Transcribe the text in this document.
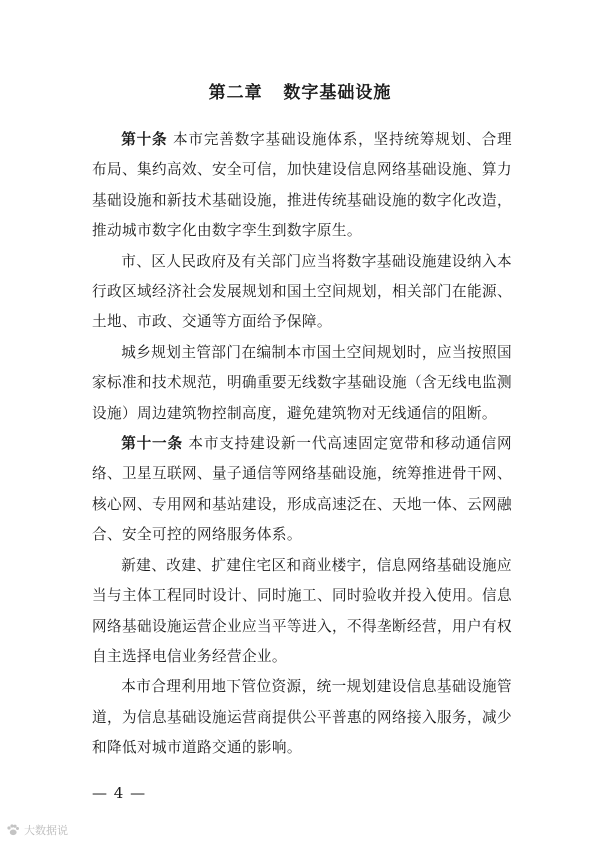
第二章   数字基础设施

第十条 本市完善数字基础设施体系，坚持统筹规划、合理布局、集约高效、安全可信，加快建设信息网络基础设施、算力基础设施和新技术基础设施，推进传统基础设施的数字化改造，推动城市数字化由数字孪生到数字原生。

市、区人民政府及有关部门应当将数字基础设施建设纳入本行政区域经济社会发展规划和国土空间规划，相关部门在能源、土地、市政、交通等方面给予保障。

城乡规划主管部门在编制本市国土空间规划时，应当按照国家标准和技术规范，明确重要无线数字基础设施（含无线电监测设施）周边建筑物控制高度，避免建筑物对无线通信的阻断。

第十一条 本市支持建设新一代高速固定宽带和移动通信网络、卫星互联网、量子通信等网络基础设施，统筹推进骨干网、核心网、专用网和基站建设，形成高速泛在、天地一体、云网融合、安全可控的网络服务体系。

新建、改建、扩建住宅区和商业楼宇，信息网络基础设施应当与主体工程同时设计、同时施工、同时验收并投入使用。信息网络基础设施运营企业应当平等进入，不得垄断经营，用户有权自主选择电信业务经营企业。

本市合理利用地下管位资源，统一规划建设信息基础设施管道，为信息基础设施运营商提供公平普惠的网络接入服务，减少和降低对城市道路交通的影响。

— 4 —
大数据说
